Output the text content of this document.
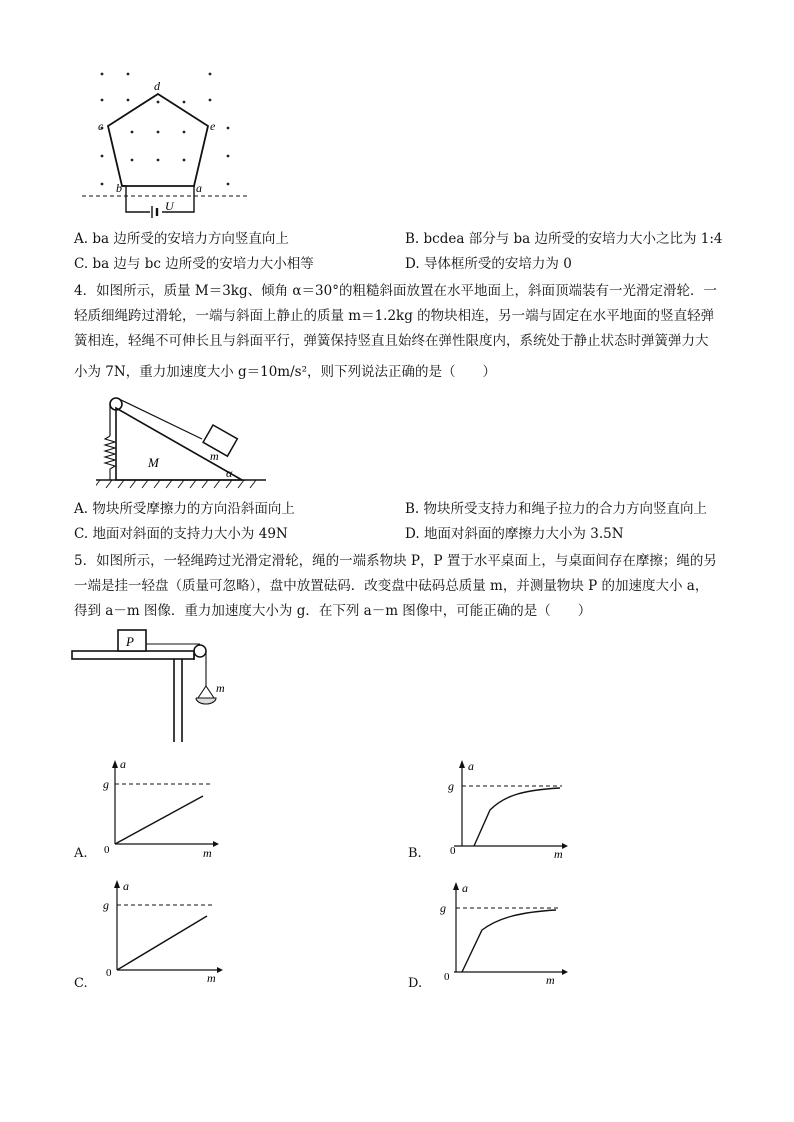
d
c	e
b	a
U
A. ba 边所受的安培力方向竖直向上	B. bcdea 部分与 ba 边所受的安培力大小之比为 1:4
C. ba 边与 bc 边所受的安培力大小相等	D. 导体框所受的安培力为 0
4．如图所示，质量 M＝3kg、倾角 α＝30°的粗糙斜面放置在水平地面上，斜面顶端装有一光滑定滑轮．一
轻质细绳跨过滑轮，一端与斜面上静止的质量 m＝1.2kg 的物块相连，另一端与固定在水平地面的竖直轻弹
簧相连，轻绳不可伸长且与斜面平行，弹簧保持竖直且始终在弹性限度内，系统处于静止状态时弹簧弹力大
小为 7N，重力加速度大小 g＝10m/s²，则下列说法正确的是（　　）
m
M
α
A. 物块所受摩擦力的方向沿斜面向上	B. 物块所受支持力和绳子拉力的合力方向竖直向上
C. 地面对斜面的支持力大小为 49N	D. 地面对斜面的摩擦力大小为 3.5N
5．如图所示，一轻绳跨过光滑定滑轮，绳的一端系物块 P，P 置于水平桌面上，与桌面间存在摩擦；绳的另
一端是挂一轻盘（质量可忽略），盘中放置砝码．改变盘中砝码总质量 m，并测量物块 P 的加速度大小 a，
得到 a－m 图像．重力加速度大小为 g．在下列 a－m 图像中，可能正确的是（　　）
P
m
a
g
0	m
A.
a
g
0	m
B.
a
g
0	m
C.
a
g
0	m
D.
